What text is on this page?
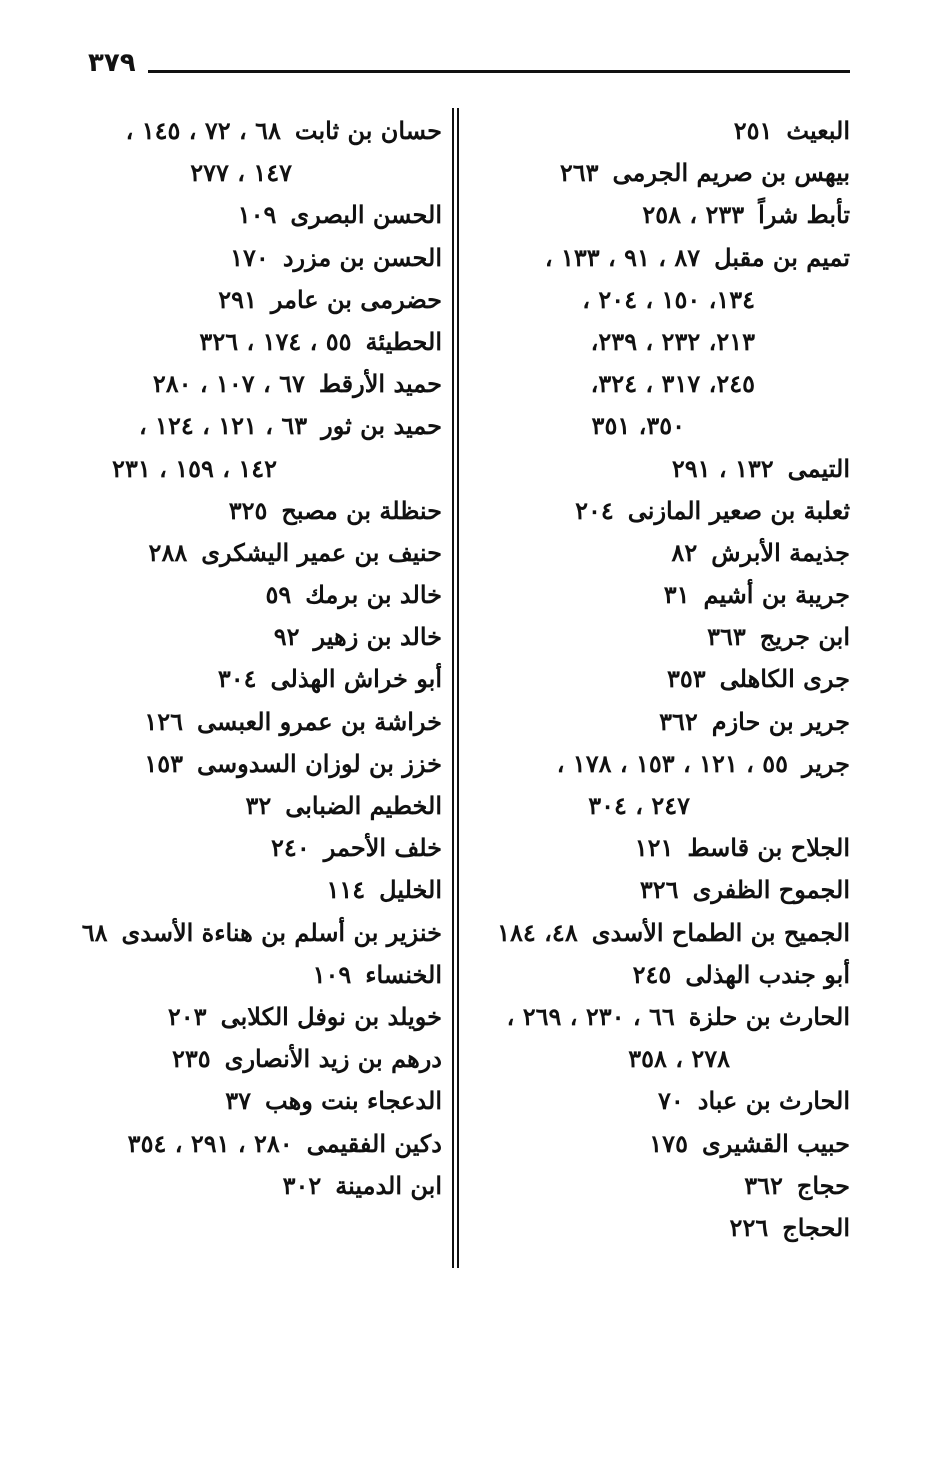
٣٧٩
البعيث٢٥١
بيهس بن صريم الجرمى٢٦٣
تأبط شراً٢٣٣ ، ٢٥٨
تميم بن مقبل٨٧ ، ٩١ ، ١٣٣ ،
١٣٤، ١٥٠ ، ٢٠٤ ،
٢١٣، ٢٣٢ ، ٢٣٩،
٢٤٥، ٣١٧ ، ٣٢٤،
٣٥٠، ٣٥١
التيمى١٣٢ ، ٢٩١
ثعلبة بن صعير المازنى٢٠٤
جذيمة الأبرش٨٢
جريبة بن أشيم٣١
ابن جريج٣٦٣
جرى الكاهلى٣٥٣
جرير بن حازم٣٦٢
جرير٥٥ ، ١٢١ ، ١٥٣ ، ١٧٨ ،
٢٤٧ ، ٣٠٤
الجلاح بن قاسط١٢١
الجموح الظفرى٣٢٦
الجميح بن الطماح الأسدى٤٨، ١٨٤
أبو جندب الهذلى٢٤٥
الحارث بن حلزة٦٦ ، ٢٣٠ ، ٢٦٩ ،
٢٧٨ ، ٣٥٨
الحارث بن عباد٧٠
حبيب القشيرى١٧٥
حجاج٣٦٢
الحجاج٢٢٦
حسان بن ثابت٦٨ ، ٧٢ ، ١٤٥ ،
١٤٧ ، ٢٧٧
الحسن البصرى١٠٩
الحسن بن مزرد١٧٠
حضرمى بن عامر٢٩١
الحطيئة٥٥ ، ١٧٤ ، ٣٢٦
حميد الأرقط٦٧ ، ١٠٧ ، ٢٨٠
حميد بن ثور٦٣ ، ١٢١ ، ١٢٤ ،
١٤٢ ، ١٥٩ ، ٢٣١
حنظلة بن مصبح٣٢٥
حنيف بن عمير اليشكرى٢٨٨
خالد بن برمك٥٩
خالد بن زهير٩٢
أبو خراش الهذلى٣٠٤
خراشة بن عمرو العبسى١٢٦
خزز بن لوزان السدوسى١٥٣
الخطيم الضبابى٣٢
خلف الأحمر٢٤٠
الخليل١١٤
خنزير بن أسلم بن هناءة الأسدى٦٨
الخنساء١٠٩
خويلد بن نوفل الكلابى٢٠٣
درهم بن زيد الأنصارى٢٣٥
الدعجاء بنت وهب٣٧
دكين الفقيمى٢٨٠ ، ٢٩١ ، ٣٥٤
ابن الدمينة٣٠٢
